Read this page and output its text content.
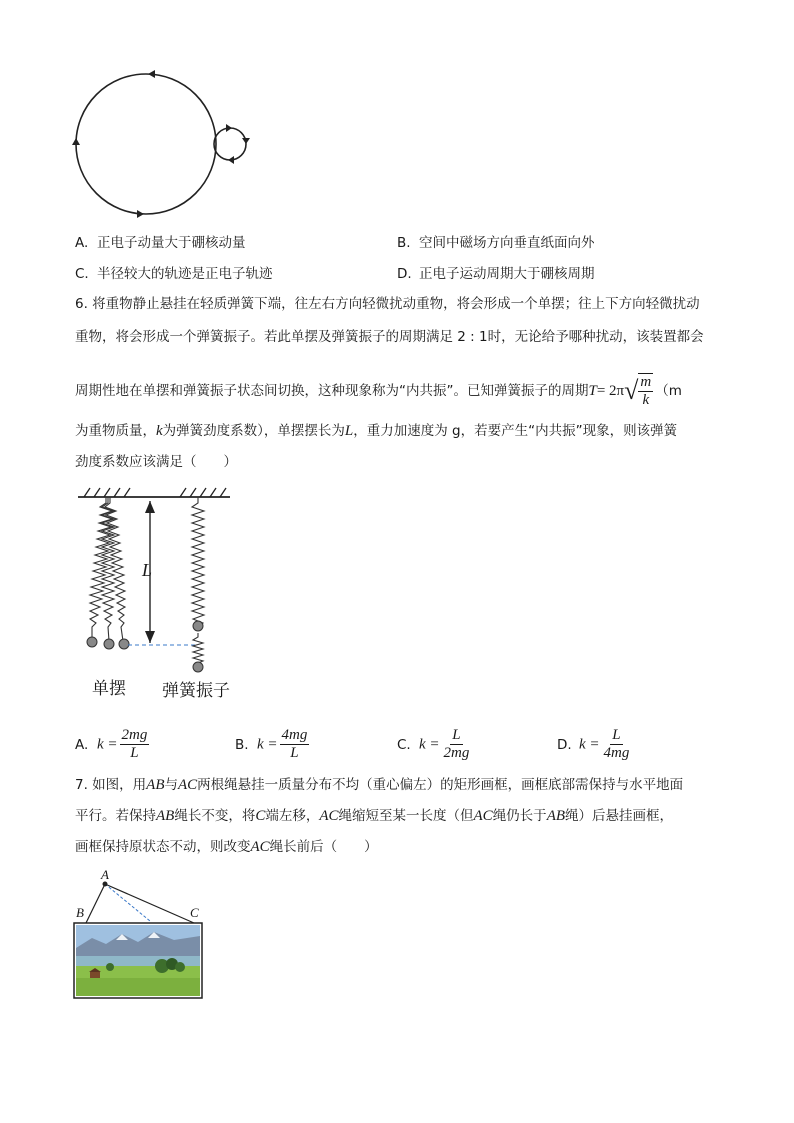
A. 正电子动量大于硼核动量	B. 空间中磁场方向垂直纸面向外
C. 半径较大的轨迹是正电子轨迹	D. 正电子运动周期大于硼核周期
6. 将重物静止悬挂在轻质弹簧下端，往左右方向轻微扰动重物，将会形成一个单摆；往上下方向轻微扰动
重物，将会形成一个弹簧振子。若此单摆及弹簧振子的周期满足 2 : 1时，无论给予哪种扰动，该装置都会
周期性地在单摆和弹簧振子状态间切换，这种现象称为“内共振”。已知弹簧振子的周期T= 2π √ $\frac{m}{k} (m$
为重物质量，k为弹簧劲度系数），单摆摆长为L，重力加速度为 g，若要产生“内共振”现象，则该弹簧
劲度系数应该满足（　　）
L
单摆 弹簧振子
A. $k = \frac{2mg}{L}$	B. $k = \frac{4mg}{L}$	C. $k = \frac{L}{2mg}$	D. $k = \frac{L}{4mg}$
7. 如图，用AB与AC两根绳悬挂一质量分布不均（重心偏左）的矩形画框，画框底部需保持与水平地面
平行。若保持AB绳长不变，将C端左移，AC绳缩短至某一长度（但AC绳仍长于AB绳）后悬挂画框，
画框保持原状态不动，则改变AC绳长前后（　　）
A
B	C
